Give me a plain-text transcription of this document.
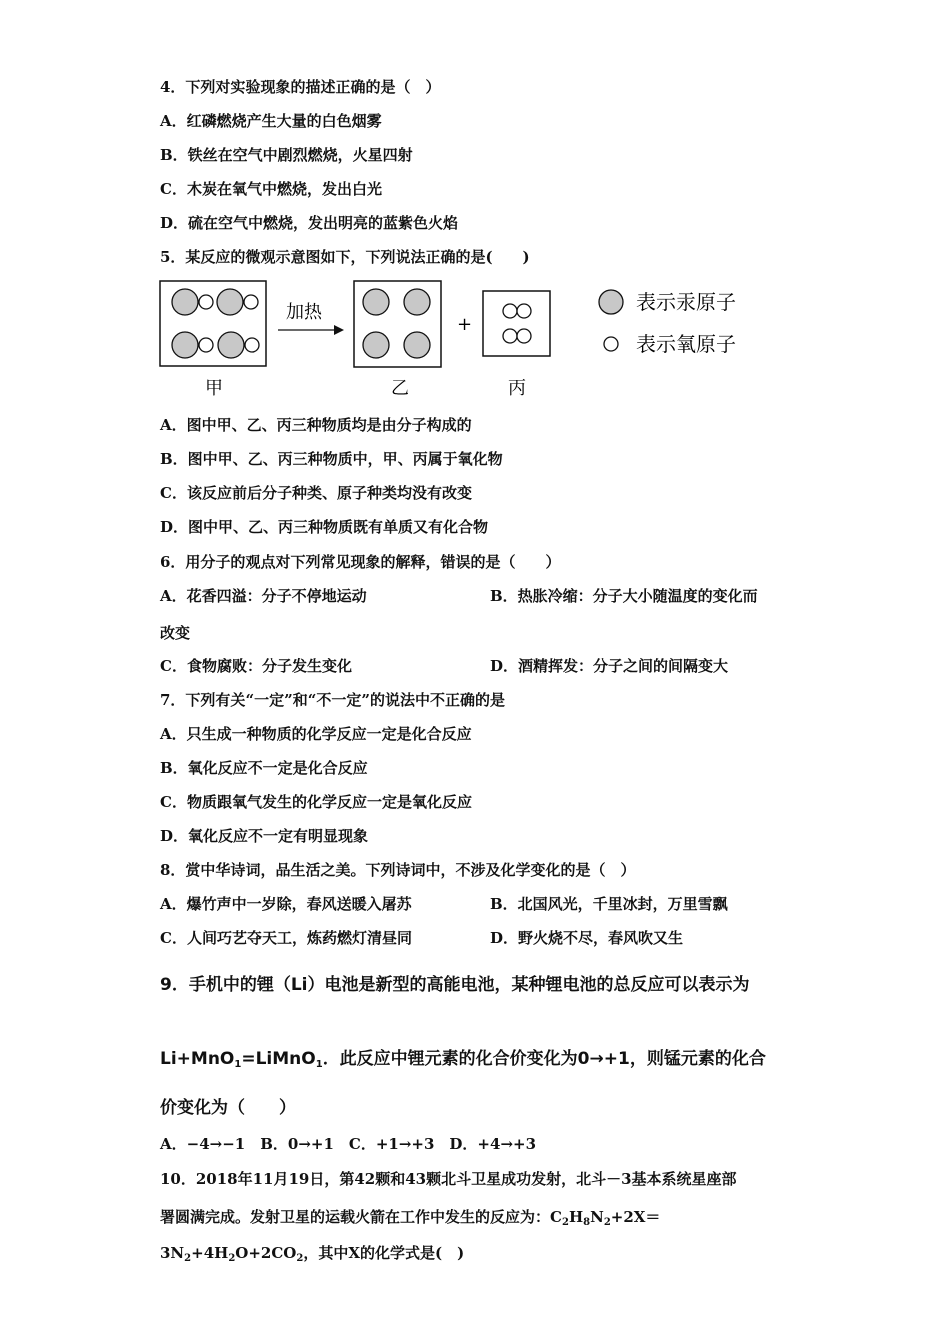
4．下列对实验现象的描述正确的是（　）
A．红磷燃烧产生大量的白色烟雾
B．铁丝在空气中剧烈燃烧，火星四射
C．木炭在氧气中燃烧，发出白光
D．硫在空气中燃烧，发出明亮的蓝紫色火焰
5．某反应的微观示意图如下，下列说法正确的是(　　)
加热
+
表示汞原子
表示氧原子
甲	乙	丙
A．图中甲、乙、丙三种物质均是由分子构成的
B．图中甲、乙、丙三种物质中，甲、丙属于氧化物
C．该反应前后分子种类、原子种类均没有改变
D．图中甲、乙、丙三种物质既有单质又有化合物
6．用分子的观点对下列常见现象的解释，错误的是（　　）
A．花香四溢：分子不停地运动	B．热胀冷缩：分子大小随温度的变化而
改变
C．食物腐败：分子发生变化	D．酒精挥发：分子之间的间隔变大
7．下列有关“一定”和“不一定”的说法中不正确的是
A．只生成一种物质的化学反应一定是化合反应
B．氧化反应不一定是化合反应
C．物质跟氧气发生的化学反应一定是氧化反应
D．氧化反应不一定有明显现象
8．赏中华诗词，品生活之美。下列诗词中，不涉及化学变化的是（　）
A．爆竹声中一岁除，春风送暖入屠苏	B．北国风光，千里冰封，万里雪飘
C．人间巧艺夺天工，炼药燃灯清昼同	D．野火烧不尽，春风吹又生
9．手机中的锂（Li）电池是新型的高能电池，某种锂电池的总反应可以表示为
Li+MnO$_1$=LiMnO$_1$．此反应中锂元素的化合价变化为0→+1，则锰元素的化合
价变化为（　　）
A．−4→−1　B．0→+1　C．+1→+3　D．+4→+3
10．2018年11月19日，第42颗和43颗北斗卫星成功发射，北斗－3基本系统星座部
署圆满完成。发射卫星的运载火箭在工作中发生的反应为：$C_2H_8N_2+2X=$
$3N_2+4H_2O+2CO_2$，其中X的化学式是(　)
